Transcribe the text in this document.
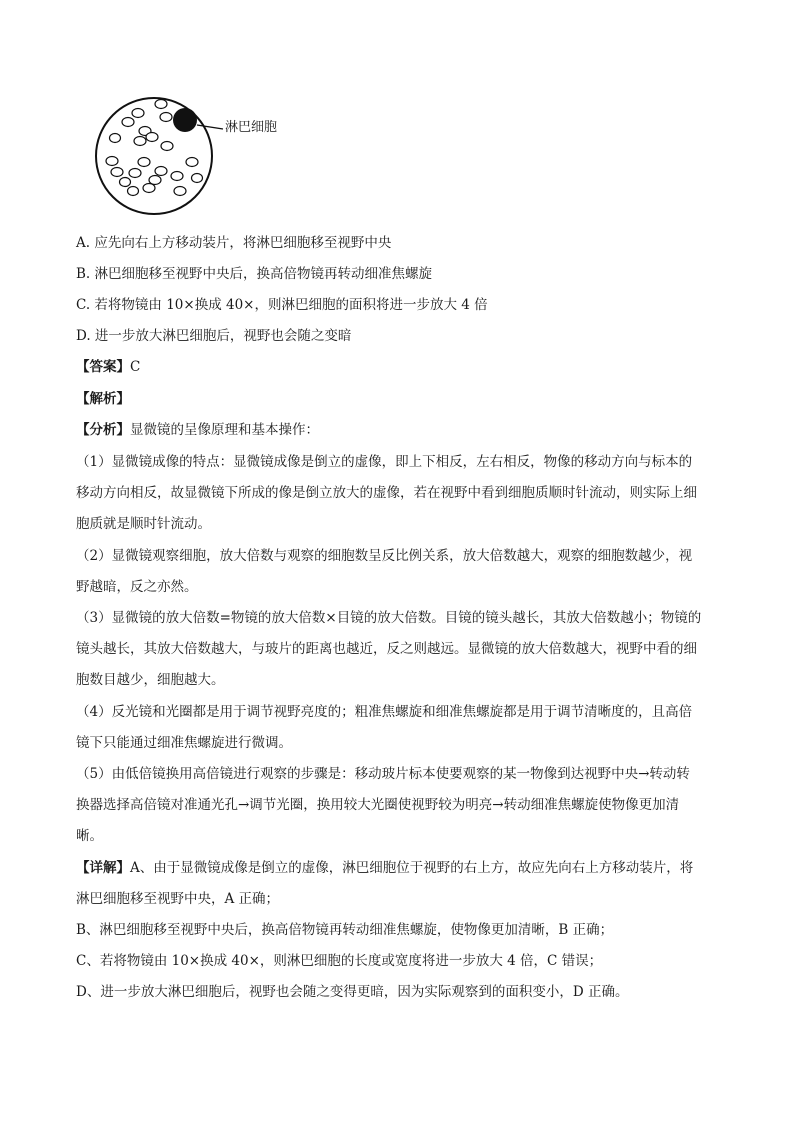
淋巴细胞
A. 应先向右上方移动装片，将淋巴细胞移至视野中央
B. 淋巴细胞移至视野中央后，换高倍物镜再转动细准焦螺旋
C. 若将物镜由 10×换成 40×，则淋巴细胞的面积将进一步放大 4 倍
D. 进一步放大淋巴细胞后，视野也会随之变暗
【答案】C
【解析】
【分析】显微镜的呈像原理和基本操作：
（1）显微镜成像的特点：显微镜成像是倒立的虚像，即上下相反，左右相反，物像的移动方向与标本的
移动方向相反，故显微镜下所成的像是倒立放大的虚像，若在视野中看到细胞质顺时针流动，则实际上细
胞质就是顺时针流动。
（2）显微镜观察细胞，放大倍数与观察的细胞数呈反比例关系，放大倍数越大，观察的细胞数越少，视
野越暗，反之亦然。
（3）显微镜的放大倍数=物镜的放大倍数×目镜的放大倍数。目镜的镜头越长，其放大倍数越小；物镜的
镜头越长，其放大倍数越大，与玻片的距离也越近，反之则越远。显微镜的放大倍数越大，视野中看的细
胞数目越少，细胞越大。
（4）反光镜和光圈都是用于调节视野亮度的；粗准焦螺旋和细准焦螺旋都是用于调节清晰度的，且高倍
镜下只能通过细准焦螺旋进行微调。
（5）由低倍镜换用高倍镜进行观察的步骤是：移动玻片标本使要观察的某一物像到达视野中央→转动转
换器选择高倍镜对准通光孔→调节光圈，换用较大光圈使视野较为明亮→转动细准焦螺旋使物像更加清
晰。
【详解】A、由于显微镜成像是倒立的虚像，淋巴细胞位于视野的右上方，故应先向右上方移动装片，将
淋巴细胞移至视野中央，A 正确；
B、淋巴细胞移至视野中央后，换高倍物镜再转动细准焦螺旋，使物像更加清晰，B 正确；
C、若将物镜由 10×换成 40×，则淋巴细胞的长度或宽度将进一步放大 4 倍，C 错误；
D、进一步放大淋巴细胞后，视野也会随之变得更暗，因为实际观察到的面积变小，D 正确。
